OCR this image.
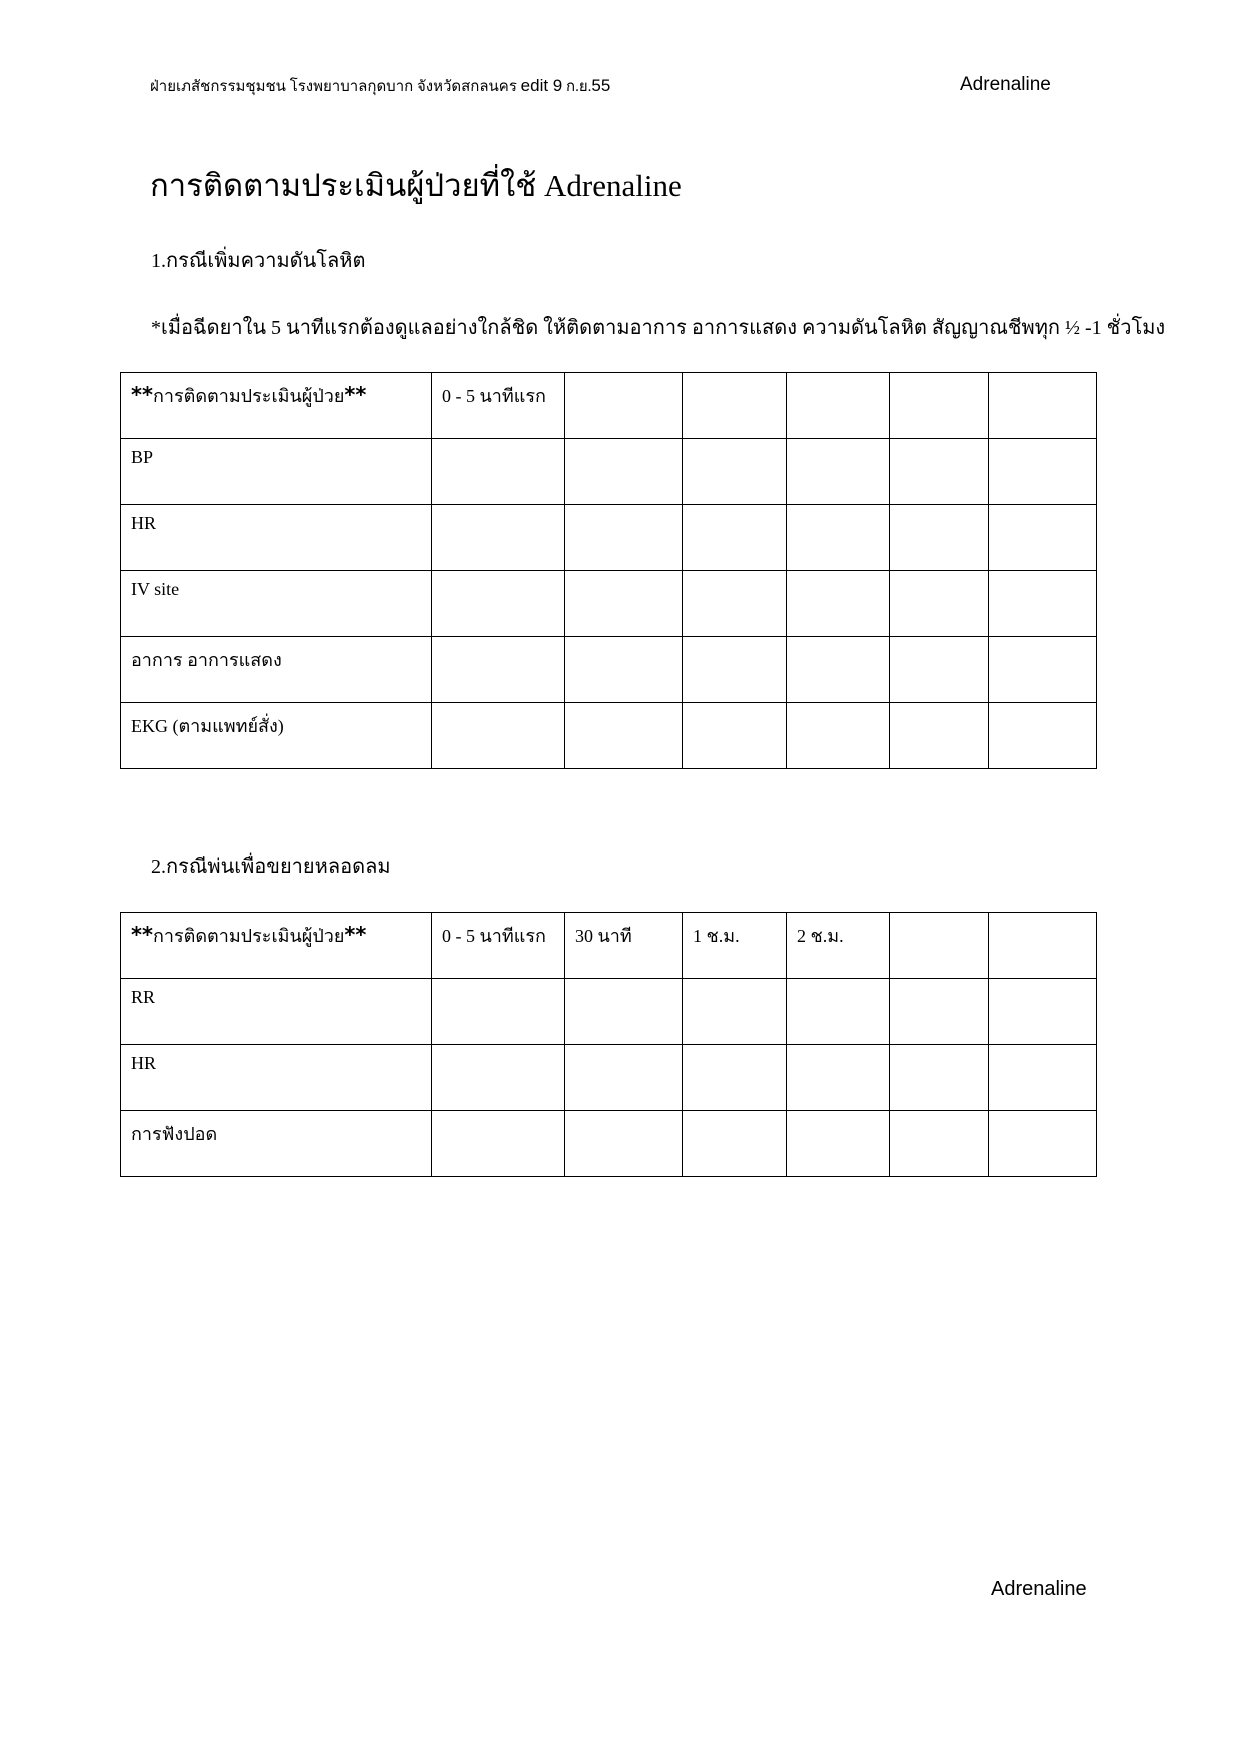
ฝ่ายเภสัชกรรมชุมชน โรงพยาบาลกุดบาก จังหวัดสกลนคร edit 9 ก.ย.55	Adrenaline
การติดตามประเมินผู้ป่วยที่ใช้ Adrenaline
1.กรณีเพิ่มความดันโลหิต
*เมื่อฉีดยาใน 5 นาทีแรกต้องดูแลอย่างใกล้ชิด ให้ติดตามอาการ อาการแสดง ความดันโลหิต สัญญาณชีพทุก ½ -1 ชั่วโมง
**การติดตามประเมินผู้ป่วย**	0 - 5 นาทีแรก					
BP						
HR						
IV site						
อาการ อาการแสดง						
EKG (ตามแพทย์สั่ง)						
2.กรณีพ่นเพื่อขยายหลอดลม
**การติดตามประเมินผู้ป่วย**	0 - 5 นาทีแรก	30 นาที	1 ช.ม.	2 ช.ม.		
RR						
HR						
การฟังปอด						
Adrenaline
